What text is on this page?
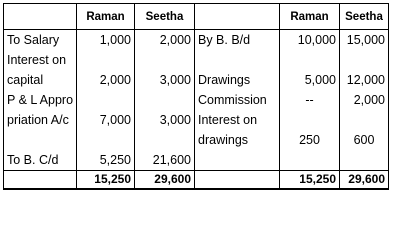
	Raman	Seetha		Raman	Seetha
To Salary	1,000	2,000	By B. B/d	10,000	15,000
Interest on					
capital	2,000	3,000	Drawings	5,000	12,000
P & L Appro			Commission	--	2,000
priation A/c	7,000	3,000	Interest on		
			drawings	250	600
To B. C/d	5,250	21,600			
	15,250	29,600		15,250	29,600
